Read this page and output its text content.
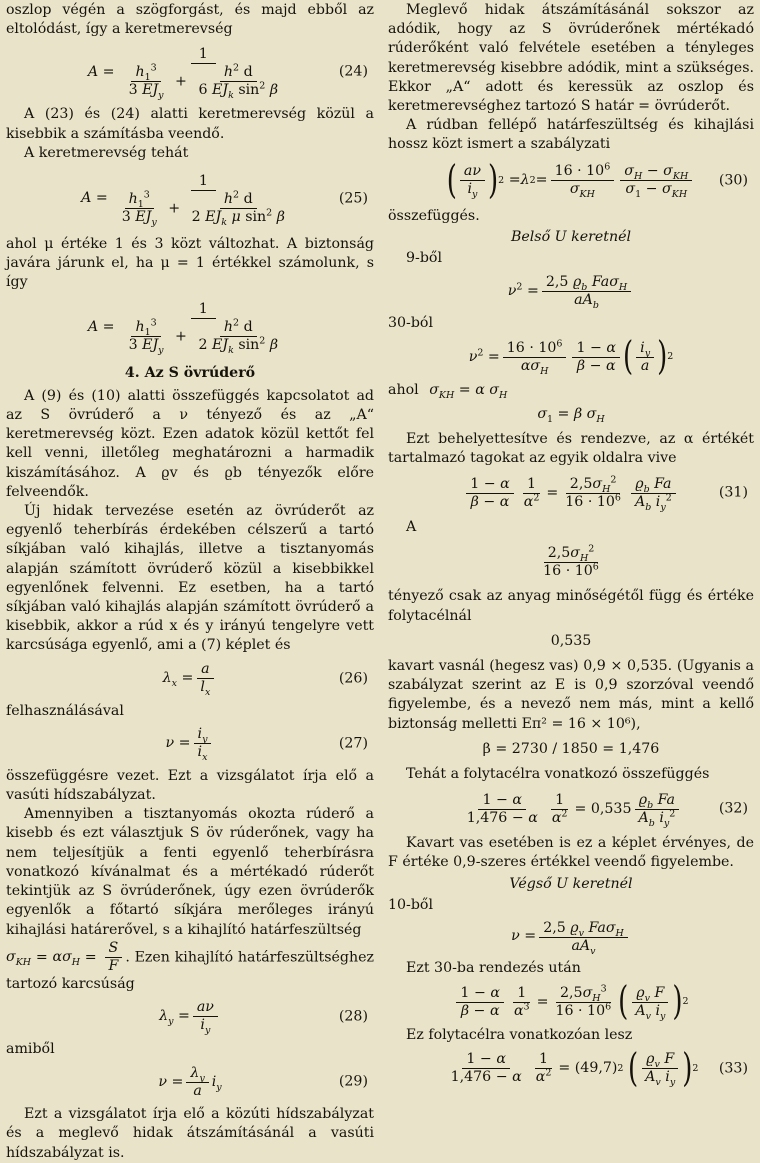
oszlop végén a szögforgást, és majd ebből az eltolódást, így a keretmerevség

$A = \frac{1}{\frac{h_1^3}{3 EJ_y} + \frac{h^2 d}{6 EJ_k \sin^2 \beta}}$	(24)

A (23) és (24) alatti keretmerevség közül a kisebbik a számításba veendő.

A keretmerevség tehát

$A = \frac{1}{\frac{h_1^3}{3 EJ_y} + \frac{h^2 d}{2 EJ_k \mu \sin^2 \beta}}$	(25)

ahol μ értéke 1 és 3 közt változhat. A biztonság javára járunk el, ha μ = 1 értékkel számolunk, s így

$A = \frac{1}{\frac{h_1^3}{3 EJ_y} + \frac{h^2 d}{2 EJ_k \sin^2 \beta}}$
4. Az S övrúderő

A (9) és (10) alatti összefüggés kapcsolatot ad az S övrúderő a ν tényező és az „A“ keretmerevség közt. Ezen adatok közül kettőt fel kell venni, illetőleg meghatározni a harmadik kiszámításához. A ϱv és ϱb tényezők előre felveendők.

Új hidak tervezése esetén az övrúderőt az egyenlő teherbírás érdekében célszerű a tartó síkjában való kihajlás, illetve a tisztanyomás alapján számított övrúderő közül a kisebbikkel egyenlőnek felvenni. Ez esetben, ha a tartó síkjában való kihajlás alapján számított övrúderő a kisebbik, akkor a rúd x és y irányú tengelyre vett karcsúsága egyenlő, ami a (7) képlet és

$\lambda_x = \frac{a}{l_x}$	(26)

felhasználásával

$\nu = \frac{i_y}{i_x}$	(27)

összefüggésre vezet. Ezt a vizsgálatot írja elő a vasúti hídszabályzat.

Amennyiben a tisztanyomás okozta rúderő a kisebb és ezt választjuk S öv rúderőnek, vagy ha nem teljesítjük a fenti egyenlő teherbírásra vonatkozó kívánalmat és a mértékadó rúderőt tekintjük az S övrúderőnek, úgy ezen övrúderők egyenlők a főtartó síkjára merőleges irányú kihajlási határerővel, s a kihajlító határfeszültség

$\sigma_{KH} = \alpha\sigma_H = \frac{S}{F}$ . Ezen kihajlító határfeszültséghez tartozó karcsúság

$\lambda_y = \frac{a\nu}{i_y}$	(28)

amiből

$\nu = \frac{\lambda_y}{a} i_y$	(29)

Ezt a vizsgálatot írja elő a közúti hídszabályzat és a meglevő hidak átszámításánál a vasúti hídszabályzat is.

Meglevő hidak átszámításánál sokszor az adódik, hogy az S övrúderőnek mértékadó rúderőként való felvétele esetében a tényleges keretmerevség kisebbre adódik, mint a szükséges. Ekkor „A“ adott és keressük az oszlop és keretmerevséghez tartozó S határ = övrúderőt.

A rúdban fellépő határfeszültség és kihajlási hossz közt ismert a szabályzati

( $\frac{a\nu}{i_y}$ ) 2 = λ $2 = \frac{16 \cdot 10^6}{\sigma_{KH}} \frac{\sigma_H - \sigma_{KH}}{\sigma_1 - \sigma_{KH}} (30)$

összefüggés.

Belső U keretnél

9-ből

$\nu^2 = \frac{2,5 ϱ_b Fa\sigma_H}{aA_b}$

30-ból

$\nu^2 = \frac{16 \cdot 10^6}{\alpha\sigma_H} \frac{1 - \alpha}{\beta - \alpha}$ ( $\frac{i_y}{a}$ ) 2

ahol $\sigma_{KH} = \alpha$ $\sigma_H$

$\sigma_1 = \beta$ $\sigma_H$

Ezt behelyettesítve és rendezve, az α értékét tartalmazó tagokat az egyik oldalra vive

$\frac{1 - \alpha}{\beta - \alpha} \frac{1}{\alpha^2} = \frac{2,5\sigma_H^2}{16 \cdot 10^6} \frac{ϱ_b Fa}{A_b i_y^2}$	(31)

A

$\frac{2,5\sigma_H^2}{16 \cdot 10^6}$

tényező csak az anyag minőségétől függ és értéke folytacélnál

0,535

kavart vasnál (hegesz vas) 0,9 × 0,535. (Ugyanis a szabályzat szerint az E is 0,9 szorzóval veendő figyelembe, és a nevező nem más, mint a kellő biztonság melletti Eπ² = 16 × 10⁶),

β = 2730 / 1850 = 1,476

Tehát a folytacélra vonatkozó összefüggés

$\frac{1 - \alpha}{1,476 - \alpha} \frac{1}{\alpha^2} = 0,535 \frac{ϱ_b Fa}{A_b i_y^2}$	(32)

Kavart vas esetében is ez a képlet érvényes, de F értéke 0,9-szeres értékkel veendő figyelembe.

Végső U keretnél

10-ből

$\nu = \frac{2,5 ϱ_v Fa\sigma_H}{aA_v}$

Ezt 30-ba rendezés után

$\frac{1 - \alpha}{\beta - \alpha} \frac{1}{\alpha^3} = \frac{2,5\sigma_H^3}{16 \cdot 10^6}$ ( $\frac{ϱ_v F}{A_v i_y}$ ) 2

Ez folytacélra vonatkozóan lesz

$\frac{1 - \alpha}{1,476 - \alpha} \frac{1}{\alpha^2} = (49,7)$ 2
( $\frac{ϱ_v F}{A_v i_y}$ ) 2 (33)
